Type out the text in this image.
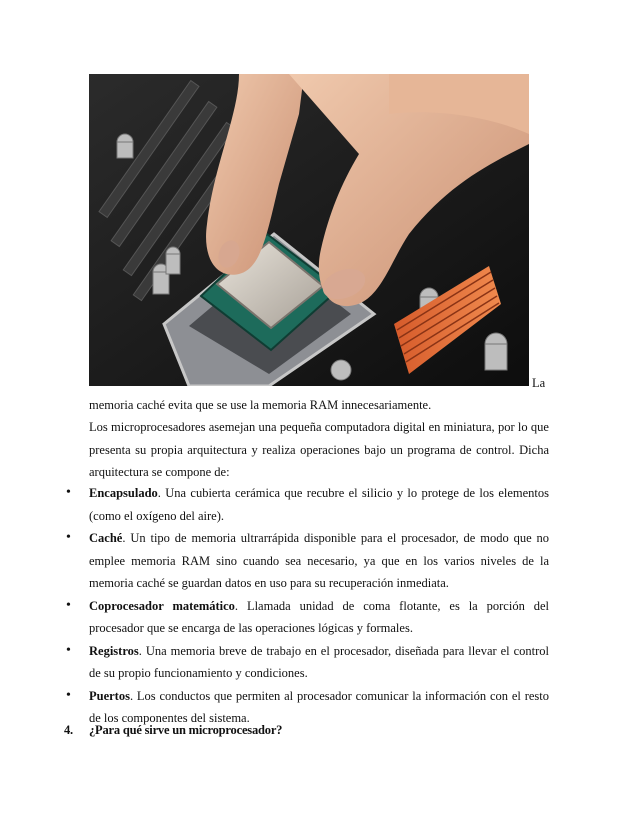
La
memoria caché evita que se use la memoria RAM innecesariamente.
Los microprocesadores asemejan una pequeña computadora digital en miniatura, por lo que presenta su propia arquitectura y realiza operaciones bajo un programa de control. Dicha arquitectura se compone de:
• Encapsulado. Una cubierta cerámica que recubre el silicio y lo protege de los elementos (como el oxígeno del aire).
• Caché. Un tipo de memoria ultrarrápida disponible para el procesador, de modo que no emplee memoria RAM sino cuando sea necesario, ya que en los varios niveles de la memoria caché se guardan datos en uso para su recuperación inmediata.
• Coprocesador matemático. Llamada unidad de coma flotante, es la porción del procesador que se encarga de las operaciones lógicas y formales.
• Registros. Una memoria breve de trabajo en el procesador, diseñada para llevar el control de su propio funcionamiento y condiciones.
• Puertos. Los conductos que permiten al procesador comunicar la información con el resto de los componentes del sistema.
4. ¿Para qué sirve un microprocesador?
